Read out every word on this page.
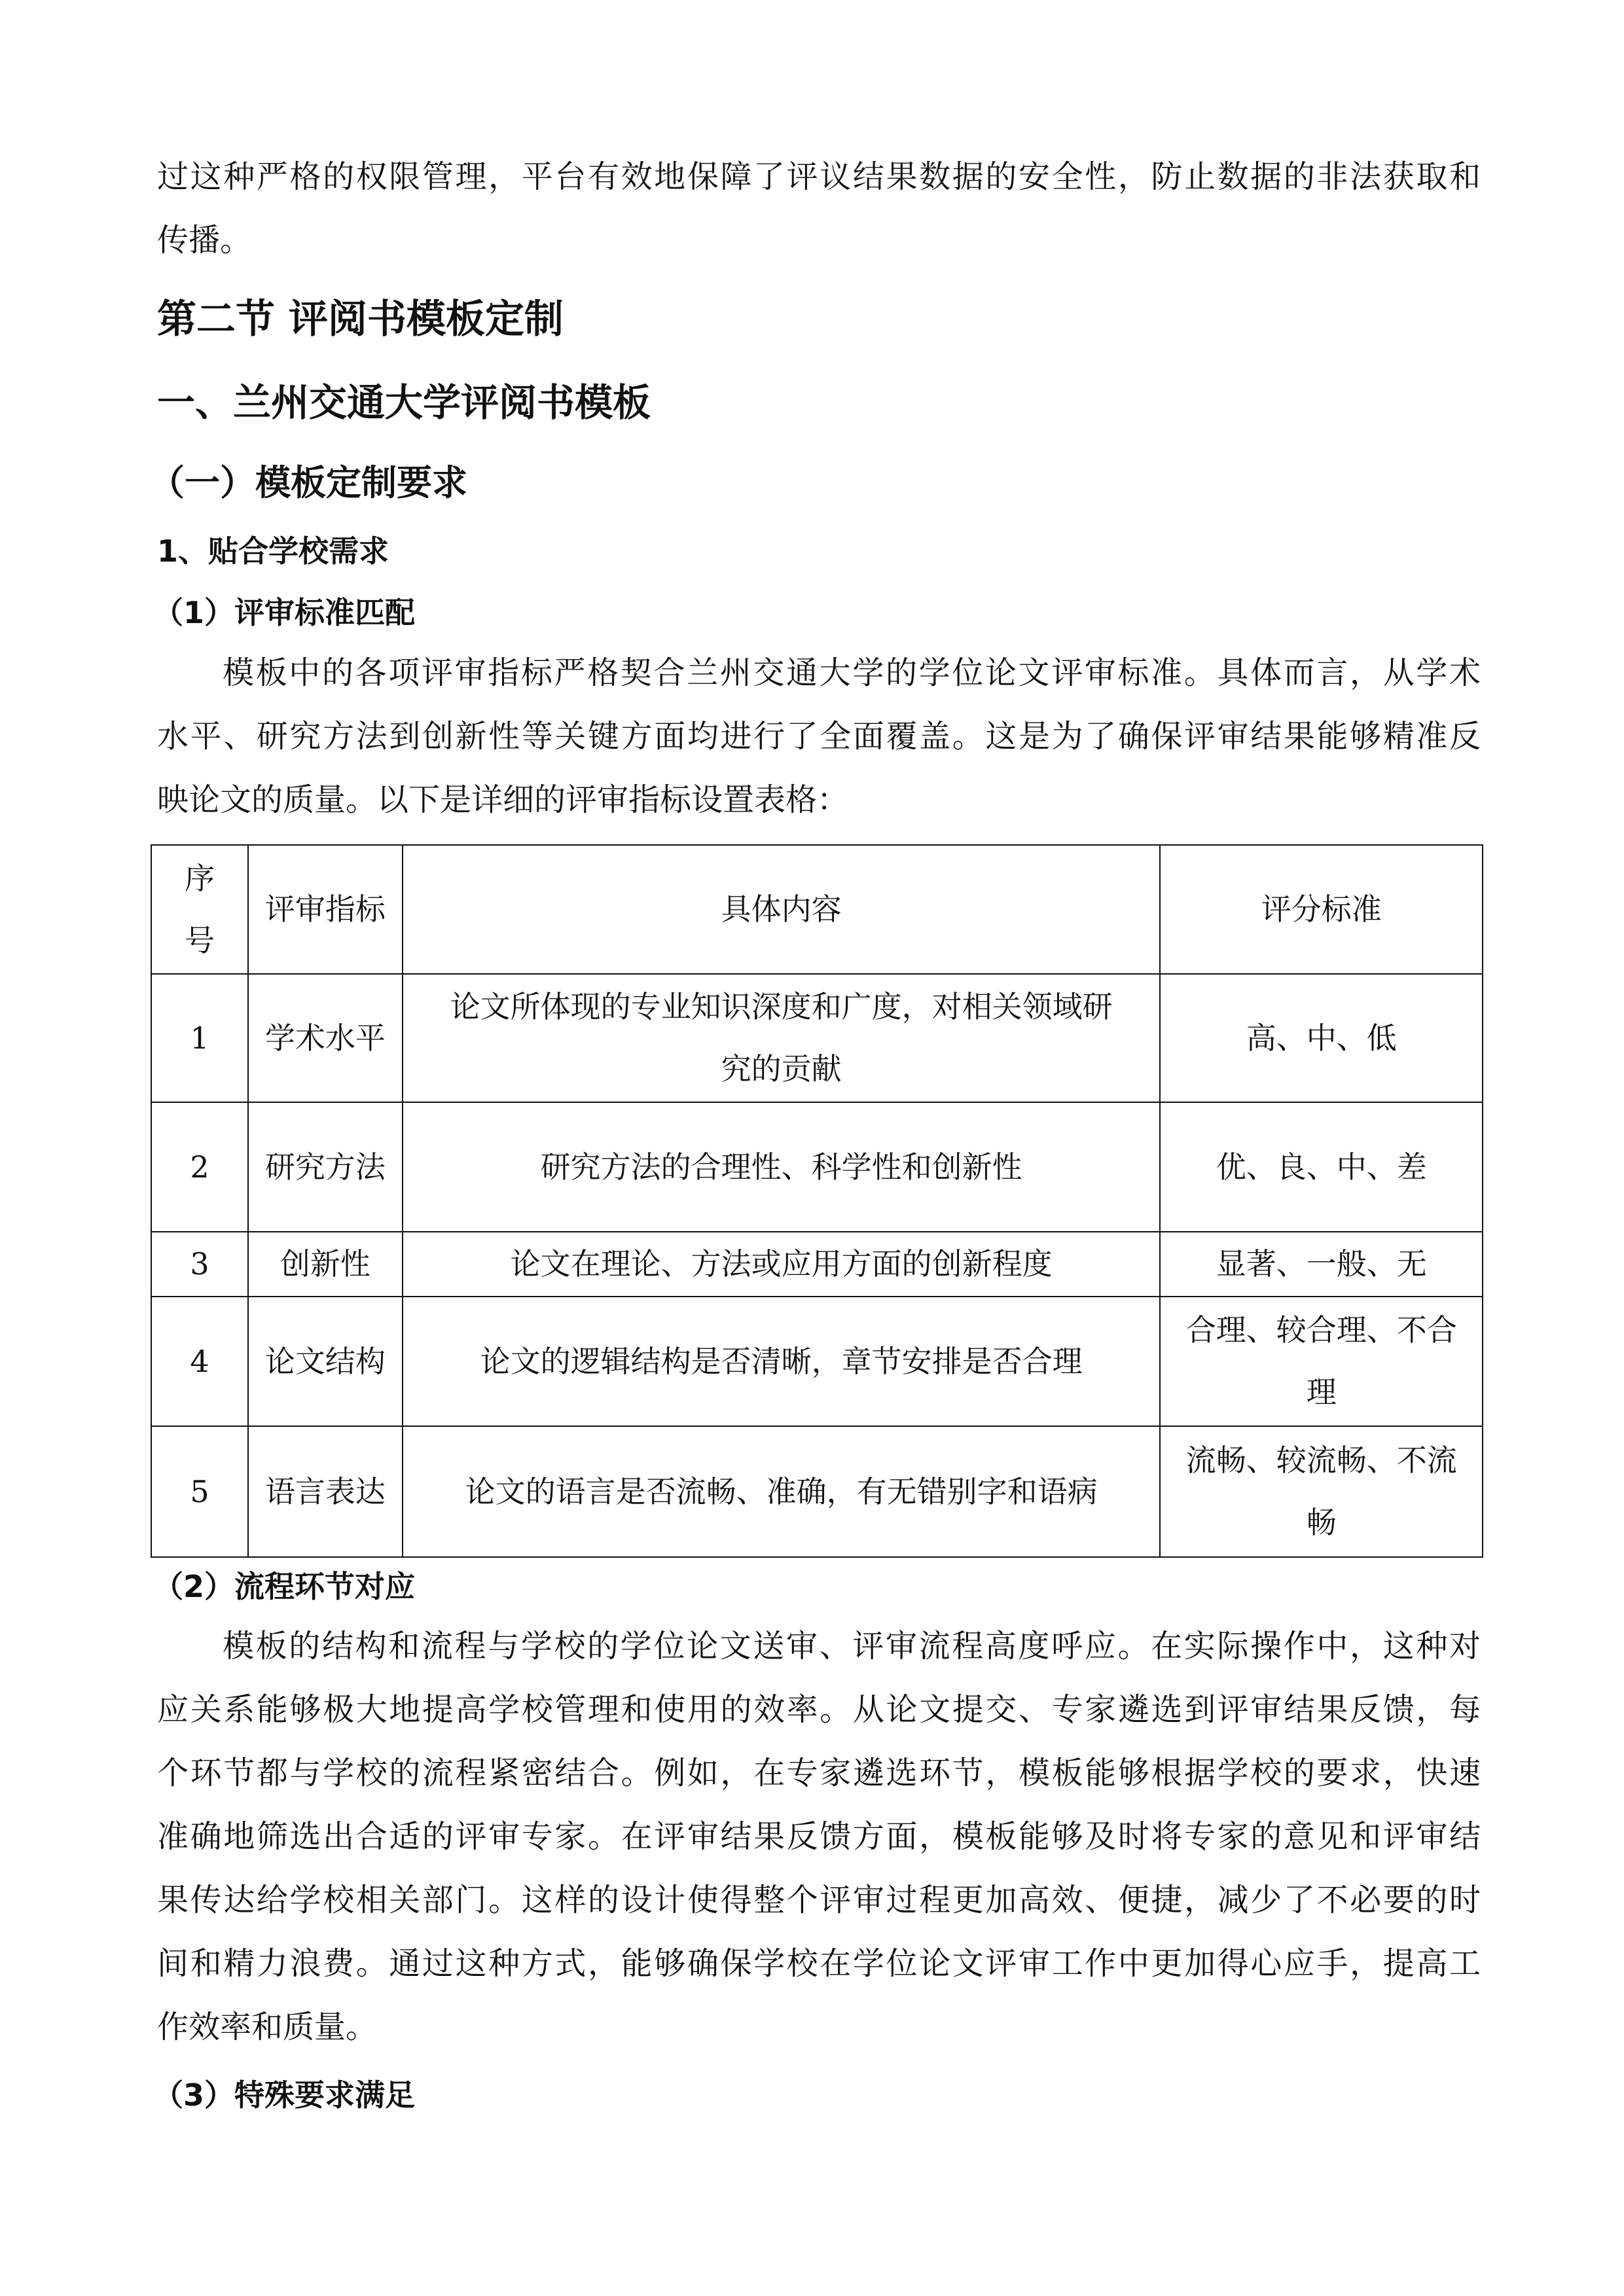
过这种严格的权限管理，平台有效地保障了评议结果数据的安全性，防止数据的非法获取和
传播。
第二节 评阅书模板定制
一、兰州交通大学评阅书模板
（一）模板定制要求
1、贴合学校需求
（1）评审标准匹配
模板中的各项评审指标严格契合兰州交通大学的学位论文评审标准。具体而言，从学术
水平、研究方法到创新性等关键方面均进行了全面覆盖。这是为了确保评审结果能够精准反
映论文的质量。以下是详细的评审指标设置表格：
序号	评审指标	具体内容	评分标准
1	学术水平	论文所体现的专业知识深度和广度，对相关领域研究的贡献	高、中、低
2	研究方法	研究方法的合理性、科学性和创新性	优、良、中、差
3	创新性	论文在理论、方法或应用方面的创新程度	显著、一般、无
4	论文结构	论文的逻辑结构是否清晰，章节安排是否合理	合理、较合理、不合理
5	语言表达	论文的语言是否流畅、准确，有无错别字和语病	流畅、较流畅、不流畅
（2）流程环节对应
模板的结构和流程与学校的学位论文送审、评审流程高度呼应。在实际操作中，这种对
应关系能够极大地提高学校管理和使用的效率。从论文提交、专家遴选到评审结果反馈，每
个环节都与学校的流程紧密结合。例如，在专家遴选环节，模板能够根据学校的要求，快速
准确地筛选出合适的评审专家。在评审结果反馈方面，模板能够及时将专家的意见和评审结
果传达给学校相关部门。这样的设计使得整个评审过程更加高效、便捷，减少了不必要的时
间和精力浪费。通过这种方式，能够确保学校在学位论文评审工作中更加得心应手，提高工
作效率和质量。
（3）特殊要求满足
